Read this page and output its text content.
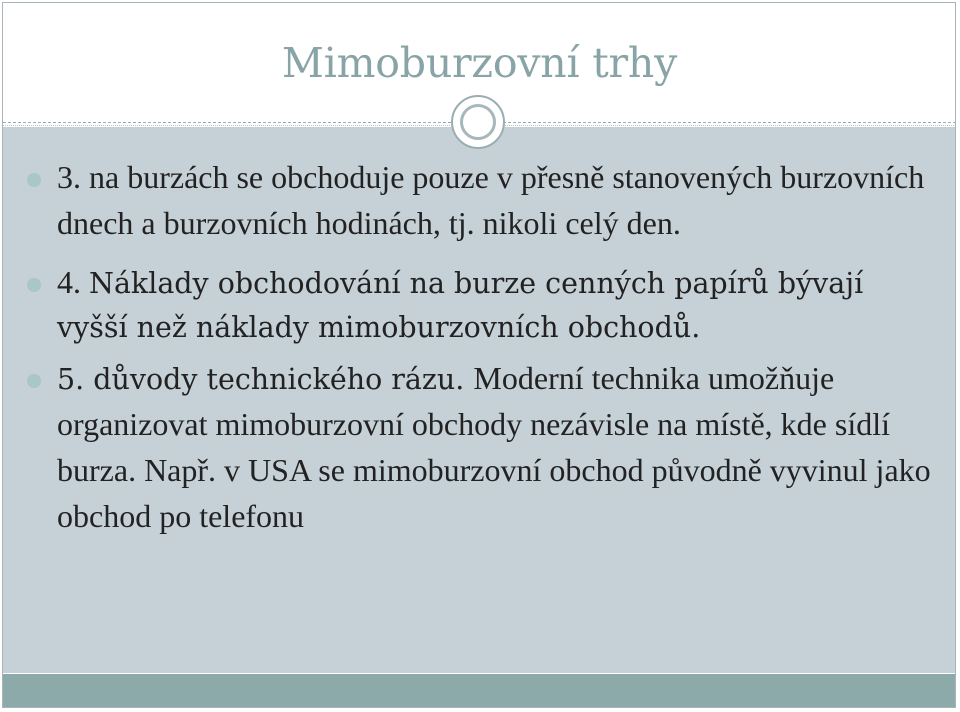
Mimoburzovní trhy
3. na burzách se obchoduje pouze v přesně stanovených burzovních dnech a burzovních hodinách, tj. nikoli celý den.
4. Náklady obchodování na burze cenných papírů bývají vyšší než náklady mimoburzovních obchodů.
5. důvody technického rázu. Moderní technika umožňuje organizovat mimoburzovní obchody nezávisle na místě, kde sídlí burza. Např. v USA se mimoburzovní obchod původně vyvinul jako obchod po telefonu
